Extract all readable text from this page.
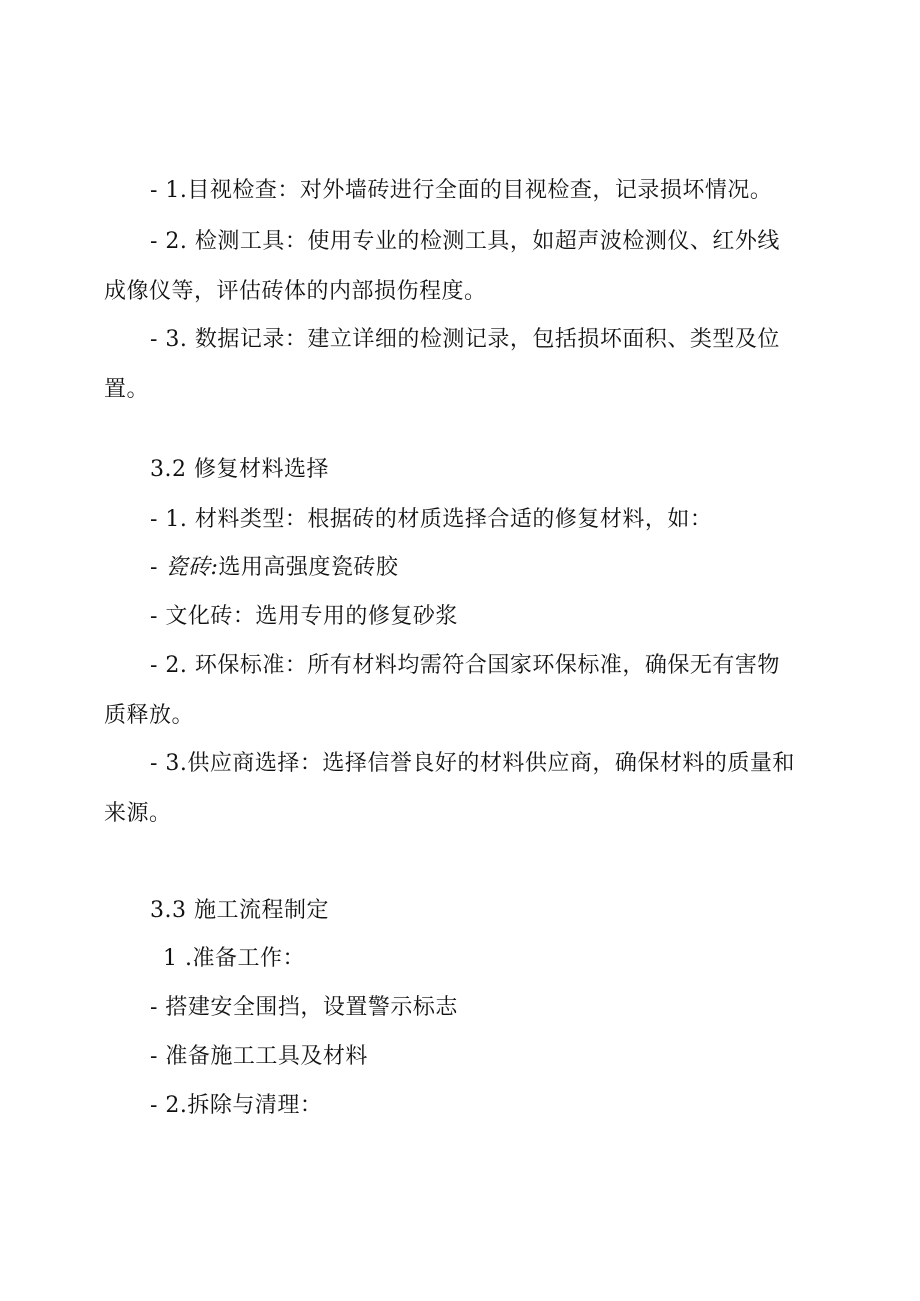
- 1.目视检查：对外墙砖进行全面的目视检查，记录损坏情况。
- 2. 检测工具：使用专业的检测工具，如超声波检测仪、红外线
成像仪等，评估砖体的内部损伤程度。
- 3. 数据记录：建立详细的检测记录，包括损坏面积、类型及位
置。
3.2 修复材料选择
- 1. 材料类型：根据砖的材质选择合适的修复材料，如：
- 瓷砖:选用高强度瓷砖胶
- 文化砖：选用专用的修复砂浆
- 2. 环保标准：所有材料均需符合国家环保标准，确保无有害物
质释放。
- 3.供应商选择：选择信誉良好的材料供应商，确保材料的质量和
来源。
3.3 施工流程制定
1 .准备工作：
- 搭建安全围挡，设置警示标志
- 准备施工工具及材料
- 2.拆除与清理：
